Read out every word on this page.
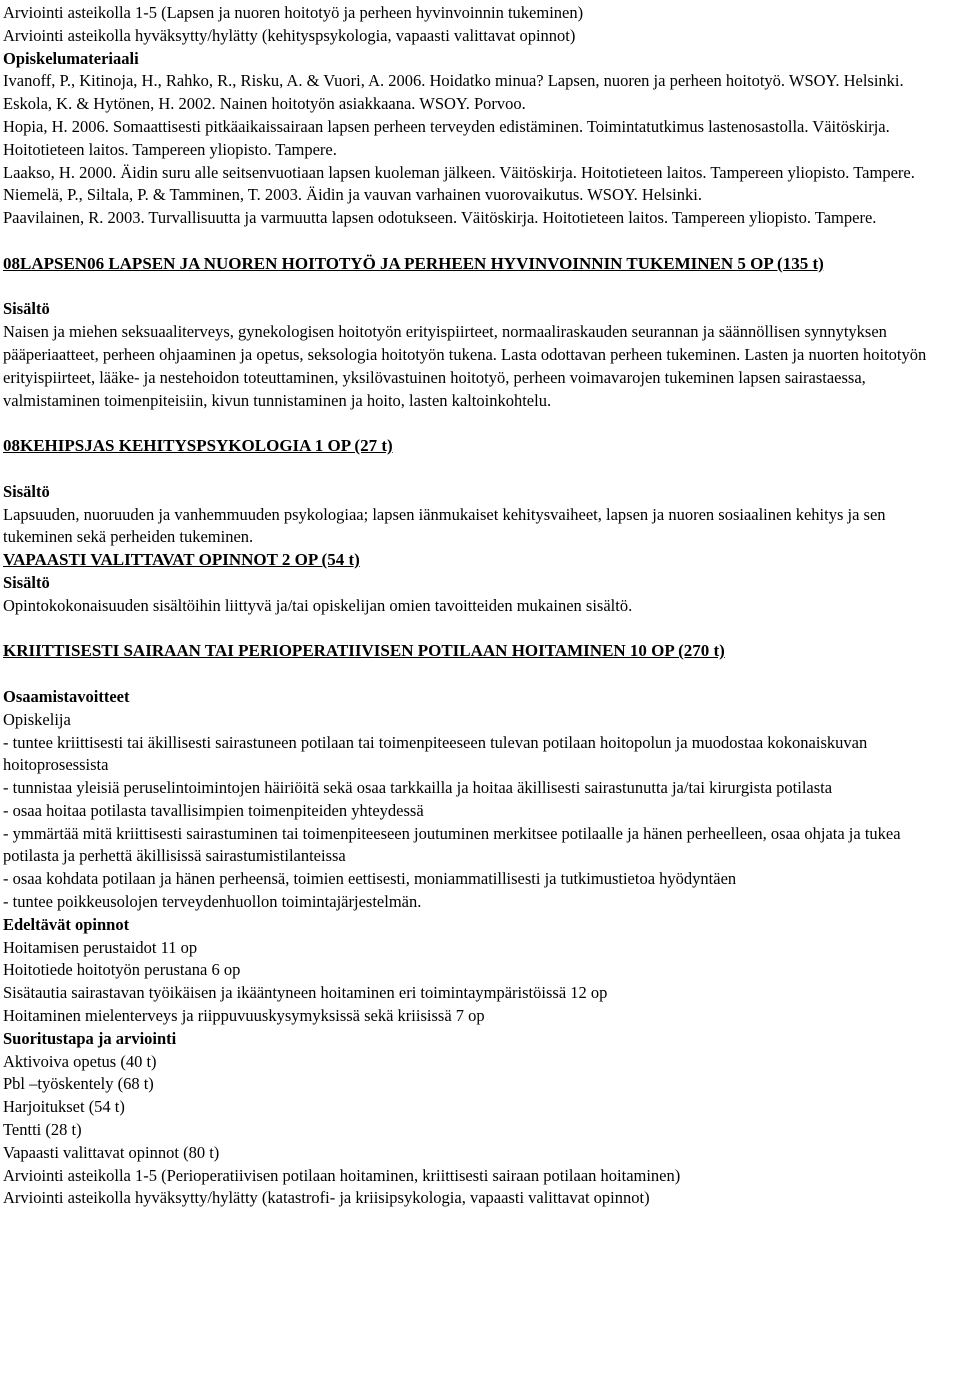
Arviointi asteikolla 1-5 (Lapsen ja nuoren hoitotyö ja perheen hyvinvoinnin tukeminen)
Arviointi asteikolla hyväksytty/hylätty (kehityspsykologia, vapaasti valittavat opinnot)
Opiskelumateriaali
Ivanoff, P., Kitinoja, H., Rahko, R., Risku, A. & Vuori, A. 2006. Hoidatko minua? Lapsen, nuoren ja perheen hoitotyö. WSOY. Helsinki.
Eskola, K. & Hytönen, H. 2002. Nainen hoitotyön asiakkaana. WSOY. Porvoo.
Hopia, H. 2006. Somaattisesti pitkäaikaissairaan lapsen perheen terveyden edistäminen. Toimintatutkimus lastenosastolla. Väitöskirja. Hoitotieteen laitos. Tampereen yliopisto. Tampere.
Laakso, H. 2000. Äidin suru alle seitsenvuotiaan lapsen kuoleman jälkeen. Väitöskirja. Hoitotieteen laitos. Tampereen yliopisto. Tampere.
Niemelä, P., Siltala, P. & Tamminen, T. 2003. Äidin ja vauvan varhainen vuorovaikutus. WSOY. Helsinki.
Paavilainen, R. 2003. Turvallisuutta ja varmuutta lapsen odotukseen. Väitöskirja. Hoitotieteen laitos. Tampereen yliopisto. Tampere.
08LAPSEN06 LAPSEN JA NUOREN HOITOTYÖ JA PERHEEN HYVINVOINNIN TUKEMINEN 5 OP (135 t)
Sisältö
Naisen ja miehen seksuaaliterveys, gynekologisen hoitotyön erityispiirteet, normaaliraskauden seurannan ja säännöllisen synnytyksen pääperiaatteet, perheen ohjaaminen ja opetus, seksologia hoitotyön tukena. Lasta odottavan perheen tukeminen. Lasten ja nuorten hoitotyön erityispiirteet, lääke- ja nestehoidon toteuttaminen, yksilövastuinen hoitotyö, perheen voimavarojen tukeminen lapsen sairastaessa, valmistaminen toimenpiteisiin, kivun tunnistaminen ja hoito, lasten kaltoinkohtelu.
08KEHIPSJAS KEHITYSPSYKOLOGIA 1 OP (27 t)
Sisältö
Lapsuuden, nuoruuden ja vanhemmuuden psykologiaa; lapsen iänmukaiset kehitysvaiheet, lapsen ja nuoren sosiaalinen kehitys ja sen tukeminen sekä perheiden tukeminen.
VAPAASTI VALITTAVAT OPINNOT 2 OP (54 t)
Sisältö
Opintokokonaisuuden sisältöihin liittyvä ja/tai opiskelijan omien tavoitteiden mukainen sisältö.
KRIITTISESTI SAIRAAN TAI PERIOPERATIIVISEN POTILAAN HOITAMINEN 10 OP (270 t)
Osaamistavoitteet
Opiskelija
- tuntee kriittisesti tai äkillisesti sairastuneen potilaan tai toimenpiteeseen tulevan potilaan hoitopolun ja muodostaa kokonaiskuvan hoitoprosessista
- tunnistaa yleisiä peruselintoimintojen häiriöitä sekä osaa tarkkailla ja hoitaa äkillisesti sairastunutta ja/tai kirurgista potilasta
- osaa hoitaa potilasta tavallisimpien toimenpiteiden yhteydessä
- ymmärtää mitä kriittisesti sairastuminen tai toimenpiteeseen joutuminen merkitsee potilaalle ja hänen perheelleen, osaa ohjata ja tukea potilasta ja perhettä äkillisissä sairastumistilanteissa
- osaa kohdata potilaan ja hänen perheensä, toimien eettisesti, moniammatillisesti ja tutkimustietoa hyödyntäen
- tuntee poikkeusolojen terveydenhuollon toimintajärjestelmän.
Edeltävät opinnot
Hoitamisen perustaidot 11 op
Hoitotiede hoitotyön perustana 6 op
Sisätautia sairastavan työikäisen ja ikääntyneen hoitaminen eri toimintaympäristöissä 12 op
Hoitaminen mielenterveys ja riippuvuuskysymyksissä sekä kriisissä 7 op
Suoritustapa ja arviointi
Aktivoiva opetus (40 t)
Pbl –työskentely (68 t)
Harjoitukset (54 t)
Tentti (28 t)
Vapaasti valittavat opinnot (80 t)
Arviointi asteikolla 1-5 (Perioperatiivisen potilaan hoitaminen, kriittisesti sairaan potilaan hoitaminen)
Arviointi asteikolla hyväksytty/hylätty (katastrofi- ja kriisipsykologia, vapaasti valittavat opinnot)
